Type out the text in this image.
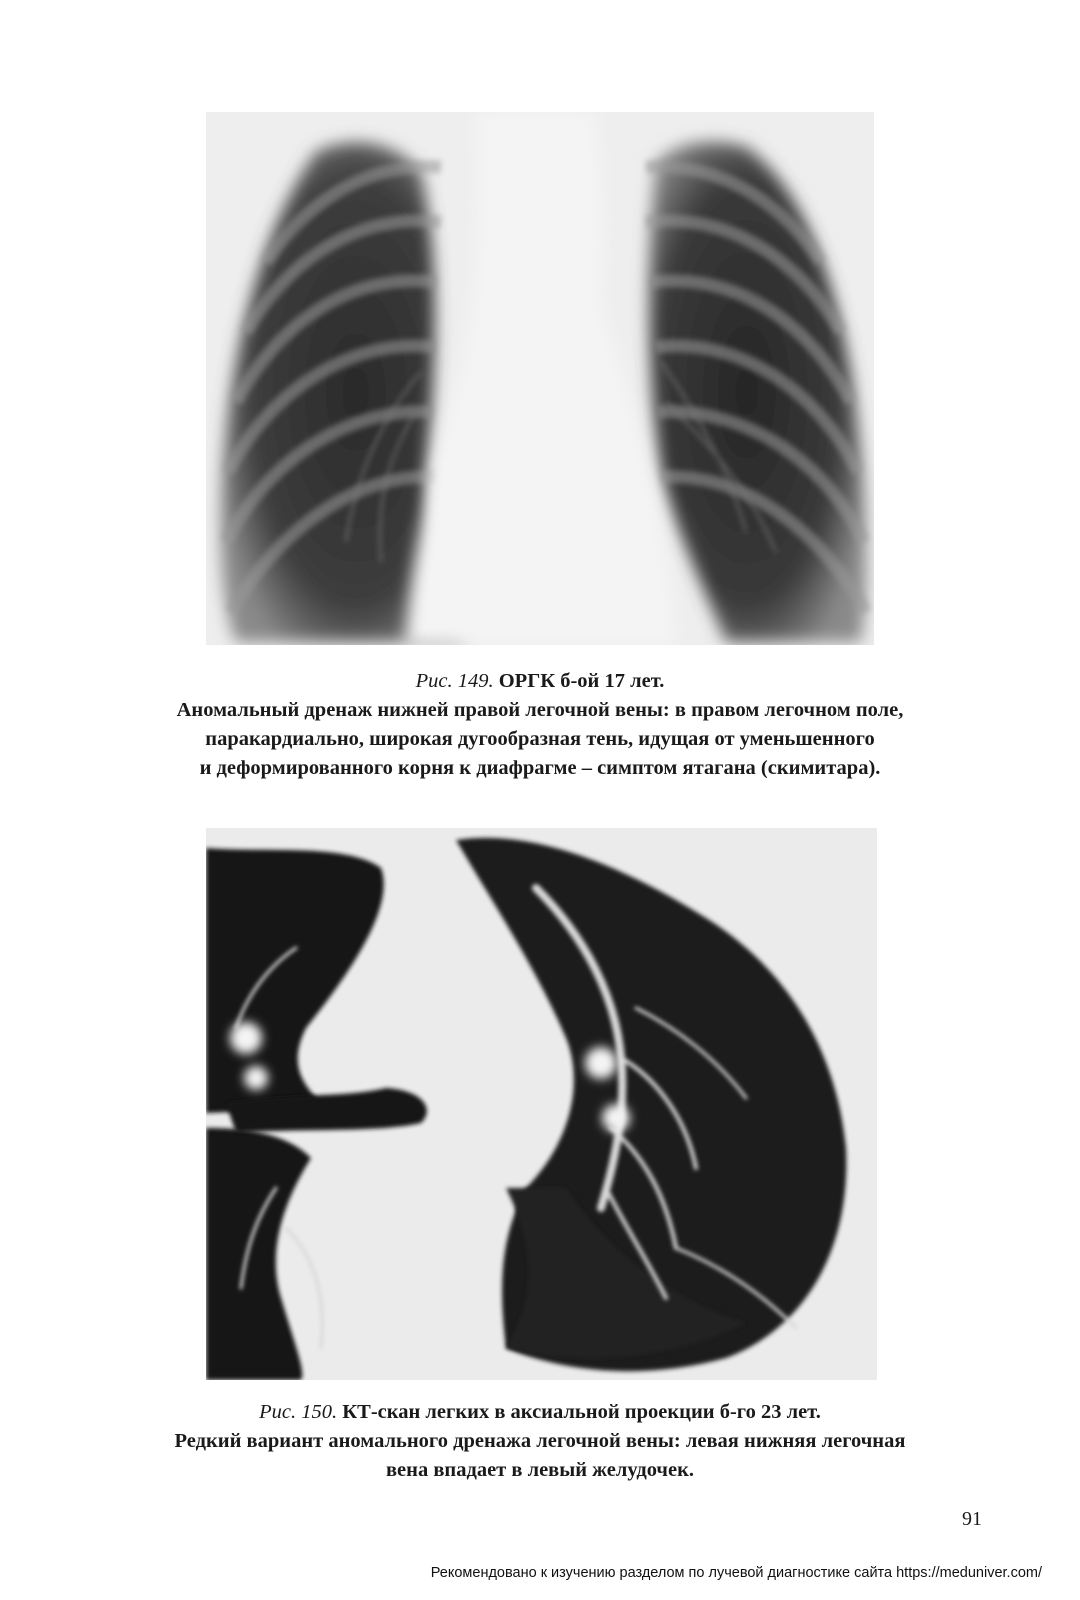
Рис. 149. ОРГК б-ой 17 лет.
Аномальный дренаж нижней правой легочной вены: в правом легочном поле,
паракардиально, широкая дугообразная тень, идущая от уменьшенного
и деформированного корня к диафрагме – симптом ятагана (скимитара).
Рис. 150. КТ-скан легких в аксиальной проекции б-го 23 лет.
Редкий вариант аномального дренажа легочной вены: левая нижняя легочная
вена впадает в левый желудочек.
91
Рекомендовано к изучению разделом по лучевой диагностике сайта https://meduniver.com/
